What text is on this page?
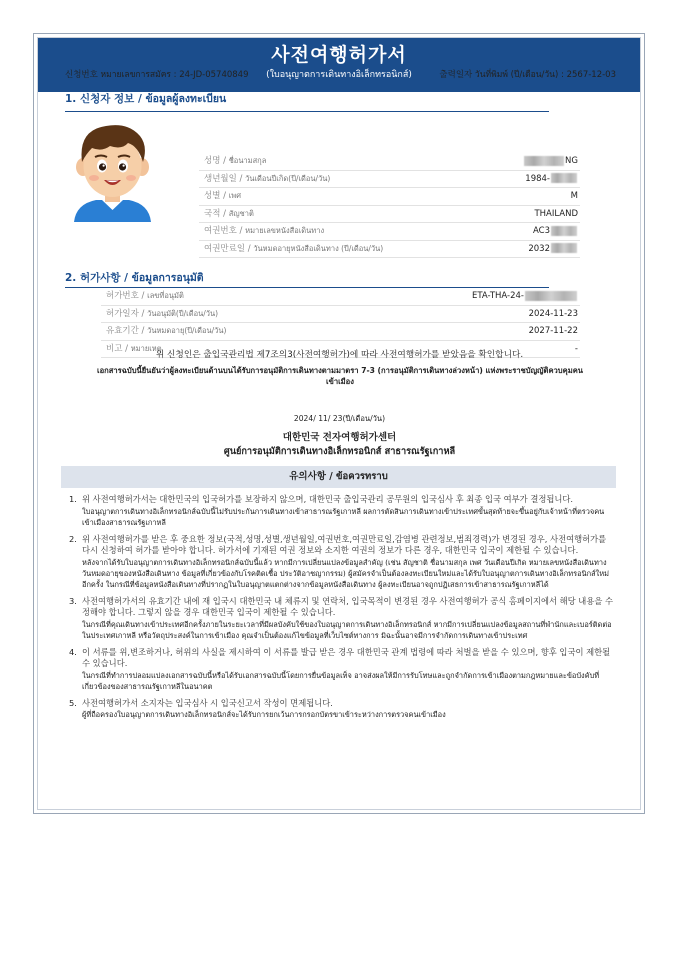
사전여행허가서
(ใบอนุญาตการเดินทางอิเล็กทรอนิกส์)
신청번호 หมายเลขการสมัคร : 24-JD-05740849	출력일자 วันที่พิมพ์ (ปี/เดือน/วัน) : 2567-12-03
1. 신청자 정보 / ข้อมูลผู้ลงทะเบียน
성명 / ชื่อนามสกุล	NG
생년월일 / วันเดือนปีเกิด(ปี/เดือน/วัน)	1984-
성별 / เพศ	M
국적 / สัญชาติ	THAILAND
여권번호 / หมายเลขหนังสือเดินทาง	AC3
여권만료일 / วันหมดอายุหนังสือเดินทาง (ปี/เดือน/วัน)	2032
2. 허가사항 / ข้อมูลการอนุมัติ
허가번호 / เลขที่อนุมัติ	ETA-THA-24-
허가일자 / วันอนุมัติ(ปี/เดือน/วัน)	2024-11-23
유효기간 / วันหมดอายุ(ปี/เดือน/วัน)	2027-11-22
비고 / หมายเหตุ	-
위 신청인은 출입국관리법 제7조의3(사전여행허가)에 따라 사전여행허가를 받았음을 확인합니다.
เอกสารฉบับนี้ยืนยันว่าผู้ลงทะเบียนด้านบนได้รับการอนุมัติการเดินทางตามมาตรา 7-3 (การอนุมัติการเดินทางล่วงหน้า) แห่งพระราชบัญญัติควบคุมคนเข้าเมือง
2024/ 11/ 23(ปี/เดือน/วัน)
대한민국 전자여행허가센터
ศูนย์การอนุมัติการเดินทางอิเล็กทรอนิกส์ สาธารณรัฐเกาหลี
유의사항 / ข้อควรทราบ
1. 위 사전여행허가서는 대한민국의 입국허가를 보장하지 않으며, 대한민국 출입국관리 공무원의 입국심사 후 최종 입국 여부가 결정됩니다.
ใบอนุญาตการเดินทางอิเล็กทรอนิกส์ฉบับนี้ไม่รับประกันการเดินทางเข้าสาธารณรัฐเกาหลี ผลการตัดสินการเดินทางเข้าประเทศขั้นสุดท้ายจะขึ้นอยู่กับเจ้าหน้าที่ตรวจคนเข้าเมืองสาธารณรัฐเกาหลี
2. 위 사전여행허가를 받은 후 중요한 정보(국적,성명,성별,생년월일,여권번호,여권만료일,감염병 관련정보,범죄경력)가 변경된 경우, 사전여행허가를 다시 신청하여 허가를 받아야 합니다. 허가서에 기재된 여권 정보와 소지한 여권의 정보가 다른 경우, 대한민국 입국이 제한될 수 있습니다.
หลังจากได้รับใบอนุญาตการเดินทางอิเล็กทรอนิกส์ฉบับนี้แล้ว หากมีการเปลี่ยนแปลงข้อมูลสำคัญ (เช่น สัญชาติ ชื่อนามสกุล เพศ วันเดือนปีเกิด หมายเลขหนังสือเดินทาง วันหมดอายุของหนังสือเดินทาง ข้อมูลที่เกี่ยวข้องกับโรคติดเชื้อ ประวัติอาชญากรรม) ผู้สมัครจำเป็นต้องลงทะเบียนใหม่และได้รับใบอนุญาตการเดินทางอิเล็กทรอนิกส์ใหม่อีกครั้ง ในกรณีที่ข้อมูลหนังสือเดินทางที่ปรากฏในใบอนุญาตแตกต่างจากข้อมูลหนังสือเดินทาง ผู้ลงทะเบียนอาจถูกปฏิเสธการเข้าสาธารณรัฐเกาหลีได้
3. 사전여행허가서의 유효기간 내에 재 입국시 대한민국 내 체류지 및 연락처, 입국목적이 변경된 경우 사전여행허가 공식 홈페이지에서 해당 내용을 수정해야 합니다. 그렇지 않을 경우 대한민국 입국이 제한될 수 있습니다.
ในกรณีที่คุณเดินทางเข้าประเทศอีกครั้งภายในระยะเวลาที่มีผลบังคับใช้ของใบอนุญาตการเดินทางอิเล็กทรอนิกส์ หากมีการเปลี่ยนแปลงข้อมูลสถานที่พำนักและเบอร์ติดต่อในประเทศเกาหลี หรือวัตถุประสงค์ในการเข้าเมือง คุณจำเป็นต้องแก้ไขข้อมูลที่เว็บไซต์ทางการ มิฉะนั้นอาจมีการจำกัดการเดินทางเข้าประเทศ
4. 이 서류를 위,변조하거나, 허위의 사실을 제시하여 이 서류를 발급 받은 경우 대한민국 관계 법령에 따라 처벌을 받을 수 있으며, 향후 입국이 제한될 수 있습니다.
ในกรณีที่ทำการปลอมแปลงเอกสารฉบับนี้หรือได้รับเอกสารฉบับนี้โดยการยื่นข้อมูลเท็จ อาจส่งผลให้มีการรับโทษและถูกจำกัดการเข้าเมืองตามกฎหมายและข้อบังคับที่เกี่ยวข้องของสาธารณรัฐเกาหลีในอนาคต
5. 사전여행허가서 소지자는 입국심사 시 입국신고서 작성이 면제됩니다.
ผู้ที่ถือครองใบอนุญาตการเดินทางอิเล็กทรอนิกส์จะได้รับการยกเว้นการกรอกบัตรขาเข้าระหว่างการตรวจคนเข้าเมือง
